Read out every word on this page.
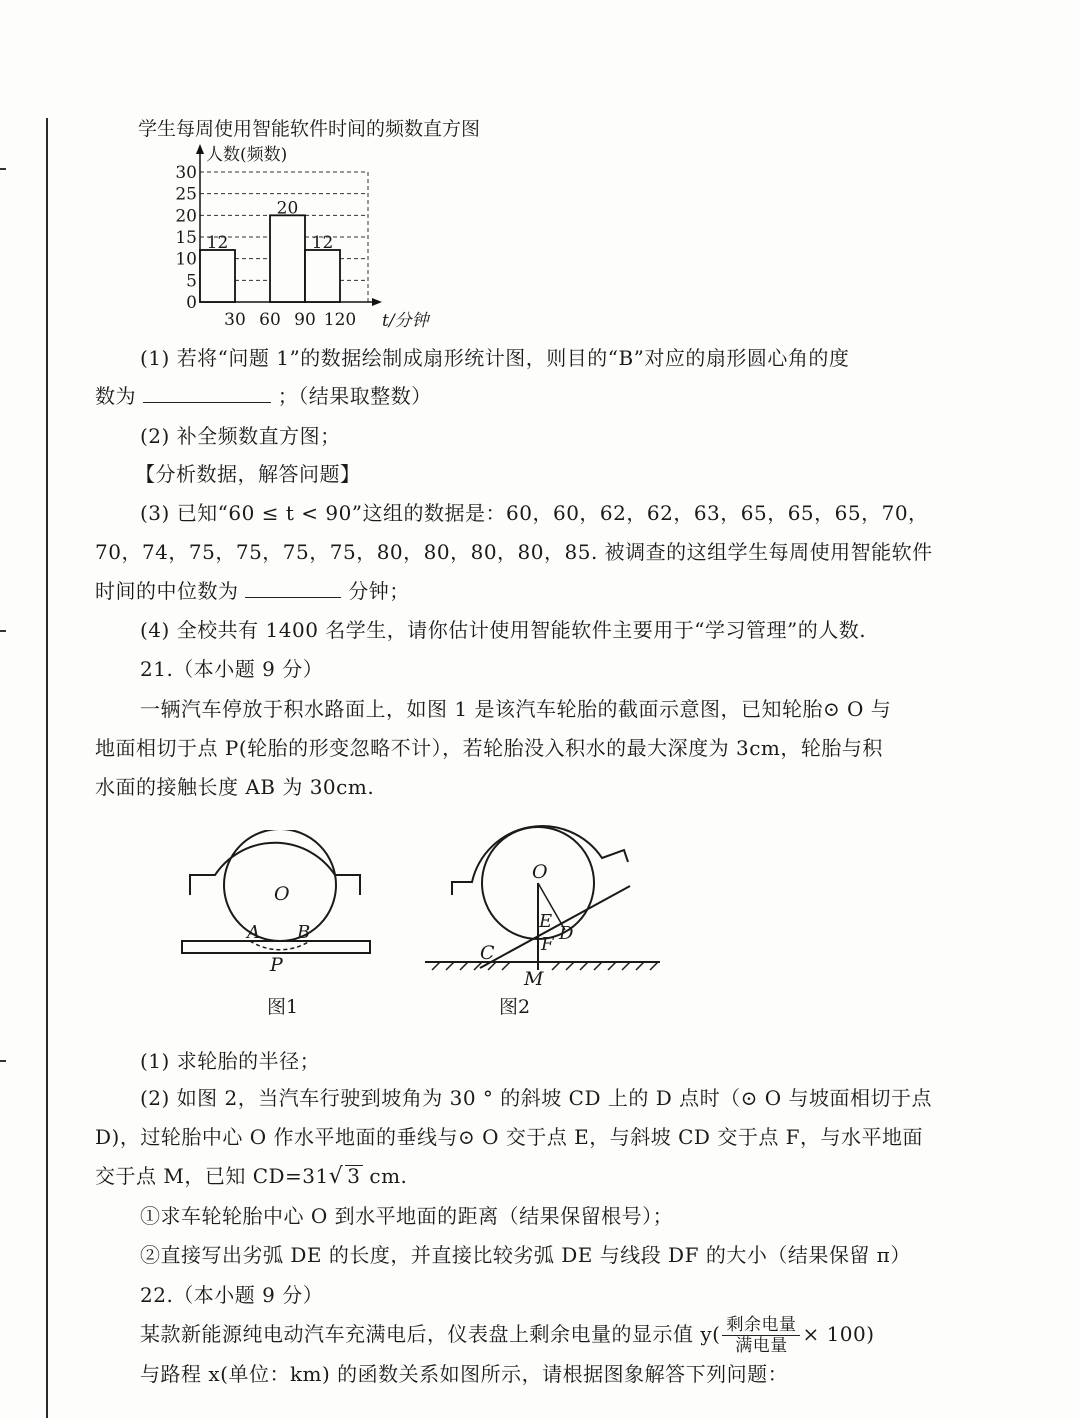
学生每周使用智能软件时间的频数直方图
0
5
10
15
20
25
30
30 60 90 120
人数(频数)
t/分钟
12
20
12
(1) 若将“问题 1”的数据绘制成扇形统计图，则目的“B”对应的扇形圆心角的度
数为	；（结果取整数）
(2) 补全频数直方图；
【分析数据，解答问题】
(3) 已知“60 ≤ t < 90”这组的数据是：60，60，62，62，63，65，65，65，70，
70，74，75，75，75，75，80，80，80，80，85. 被调查的这组学生每周使用智能软件
时间的中位数为	分钟；
(4) 全校共有 1400 名学生，请你估计使用智能软件主要用于“学习管理”的人数.
21.（本小题 9 分）
一辆汽车停放于积水路面上，如图 1 是该汽车轮胎的截面示意图，已知轮胎⊙ O 与
地面相切于点 P(轮胎的形变忽略不计），若轮胎没入积水的最大深度为 3cm，轮胎与积
水面的接触长度 AB 为 30cm.
O
A B
P
图1
O
E
D
F
C
M
图2
(1) 求轮胎的半径；
(2) 如图 2，当汽车行驶到坡角为 30 ° 的斜坡 CD 上的 D 点时（⊙ O 与坡面相切于点
D)，过轮胎中心 O 作水平地面的垂线与⊙ O 交于点 E，与斜坡 CD 交于点 F，与水平地面
交于点 M，已知 CD=31√ 3 cm.
①求车轮轮胎中心 O 到水平地面的距离（结果保留根号）；
②直接写出劣弧 DE 的长度，并直接比较劣弧 DE 与线段 DF 的大小（结果保留 π）
22.（本小题 9 分）
某款新能源纯电动汽车充满电后，仪表盘上剩余电量的显示值 $y( \frac{\text{剩余电量}}{\text{满电量}} \times 100)$
与路程 x(单位：km) 的函数关系如图所示，请根据图象解答下列问题：
